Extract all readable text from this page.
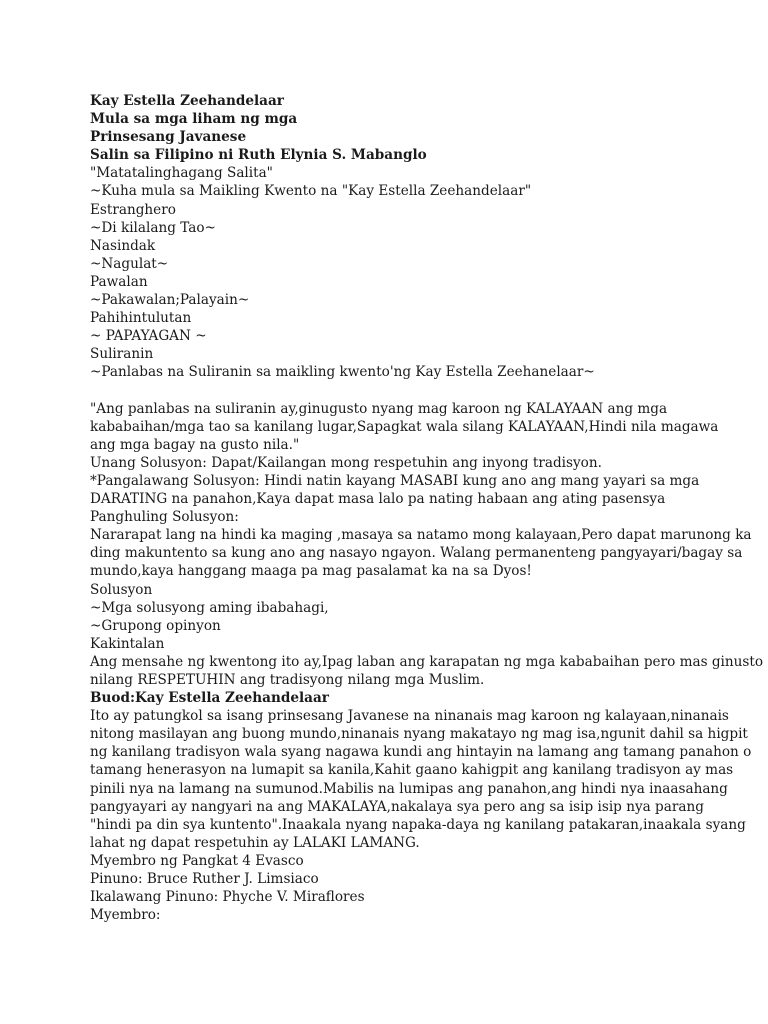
Kay Estella Zeehandelaar
Mula sa mga liham ng mga
Prinsesang Javanese
Salin sa Filipino ni Ruth Elynia S. Mabanglo
"Matatalinghagang Salita"
~Kuha mula sa Maikling Kwento na "Kay Estella Zeehandelaar"
Estranghero
~Di kilalang Tao~
Nasindak
~Nagulat~
Pawalan
~Pakawalan;Palayain~
Pahihintulutan
~ PAPAYAGAN ~
Suliranin
~Panlabas na Suliranin sa maikling kwento'ng Kay Estella Zeehanelaar~
"Ang panlabas na suliranin ay,ginugusto nyang mag karoon ng KALAYAAN ang mga
kababaihan/mga tao sa kanilang lugar,Sapagkat wala silang KALAYAAN,Hindi nila magawa
ang mga bagay na gusto nila."
Unang Solusyon: Dapat/Kailangan mong respetuhin ang inyong tradisyon.
*Pangalawang Solusyon: Hindi natin kayang MASABI kung ano ang mang yayari sa mga
DARATING na panahon,Kaya dapat masa lalo pa nating habaan ang ating pasensya
Panghuling Solusyon:
Nararapat lang na hindi ka maging ,masaya sa natamo mong kalayaan,Pero dapat marunong ka
ding makuntento sa kung ano ang nasayo ngayon. Walang permanenteng pangyayari/bagay sa
mundo,kaya hanggang maaga pa mag pasalamat ka na sa Dyos!
Solusyon
~Mga solusyong aming ibabahagi,
~Grupong opinyon
Kakintalan
Ang mensahe ng kwentong ito ay,Ipag laban ang karapatan ng mga kababaihan pero mas ginusto
nilang RESPETUHIN ang tradisyong nilang mga Muslim.
Buod:Kay Estella Zeehandelaar
Ito ay patungkol sa isang prinsesang Javanese na ninanais mag karoon ng kalayaan,ninanais
nitong masilayan ang buong mundo,ninanais nyang makatayo ng mag isa,ngunit dahil sa higpit
ng kanilang tradisyon wala syang nagawa kundi ang hintayin na lamang ang tamang panahon o
tamang henerasyon na lumapit sa kanila,Kahit gaano kahigpit ang kanilang tradisyon ay mas
pinili nya na lamang na sumunod.Mabilis na lumipas ang panahon,ang hindi nya inaasahang
pangyayari ay nangyari na ang MAKALAYA,nakalaya sya pero ang sa isip isip nya parang
"hindi pa din sya kuntento".Inaakala nyang napaka-daya ng kanilang patakaran,inaakala syang
lahat ng dapat respetuhin ay LALAKI LAMANG.
Myembro ng Pangkat 4 Evasco
Pinuno: Bruce Ruther J. Limsiaco
Ikalawang Pinuno: Phyche V. Miraflores
Myembro:
